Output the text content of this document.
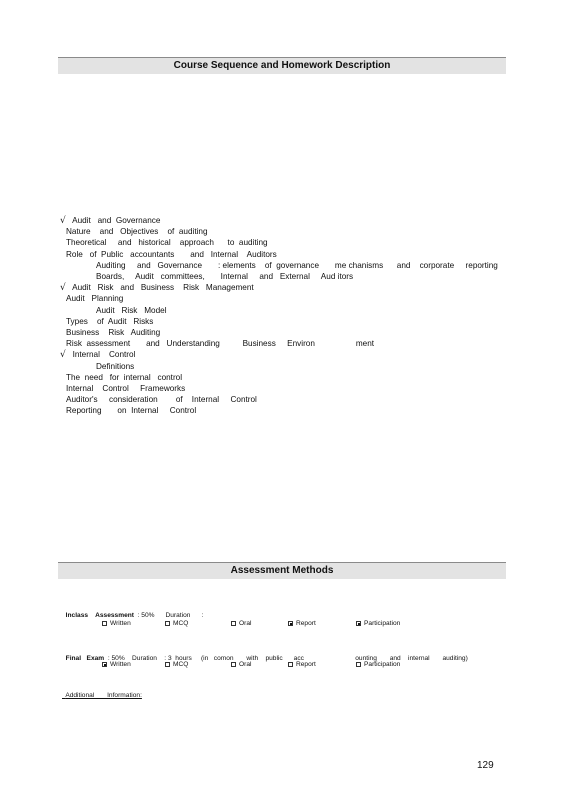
Course Sequence and Homework Description
√ Audit   and  Governance
Nature    and   Objectives    of  auditing
Theoretical     and   historical    approach      to  auditing
Role   of  Public   accountants       and   Internal    Auditors
Auditing     and   Governance       : elements    of  governance       me chanisms      and    corporate     reporting
Boards,     Audit   committees,       Internal     and   External     Aud itors
√ Audit   Risk   and   Business    Risk   Management
Audit   Planning
Audit   Risk   Model
Types    of  Audit   Risks
Business    Risk   Auditing
Risk  assessment       and   Understanding          Business     Environ                  ment
√ Internal    Control
Definitions
The  need   for  internal   control
Internal    Control     Frameworks
Auditor's     consideration        of    Internal     Control
Reporting       on  Internal     Control
Assessment Methods

Inclass    Assessment : 50% Duration :

Written	MCQ	Oral	Report	Participation

Final   Exam : 50% Duration : 3  hours (in   comon       with    public      acc                            ounting       and    internal       auditing)

Written	MCQ	Oral	Report	Participation

Additional       Information:

129
